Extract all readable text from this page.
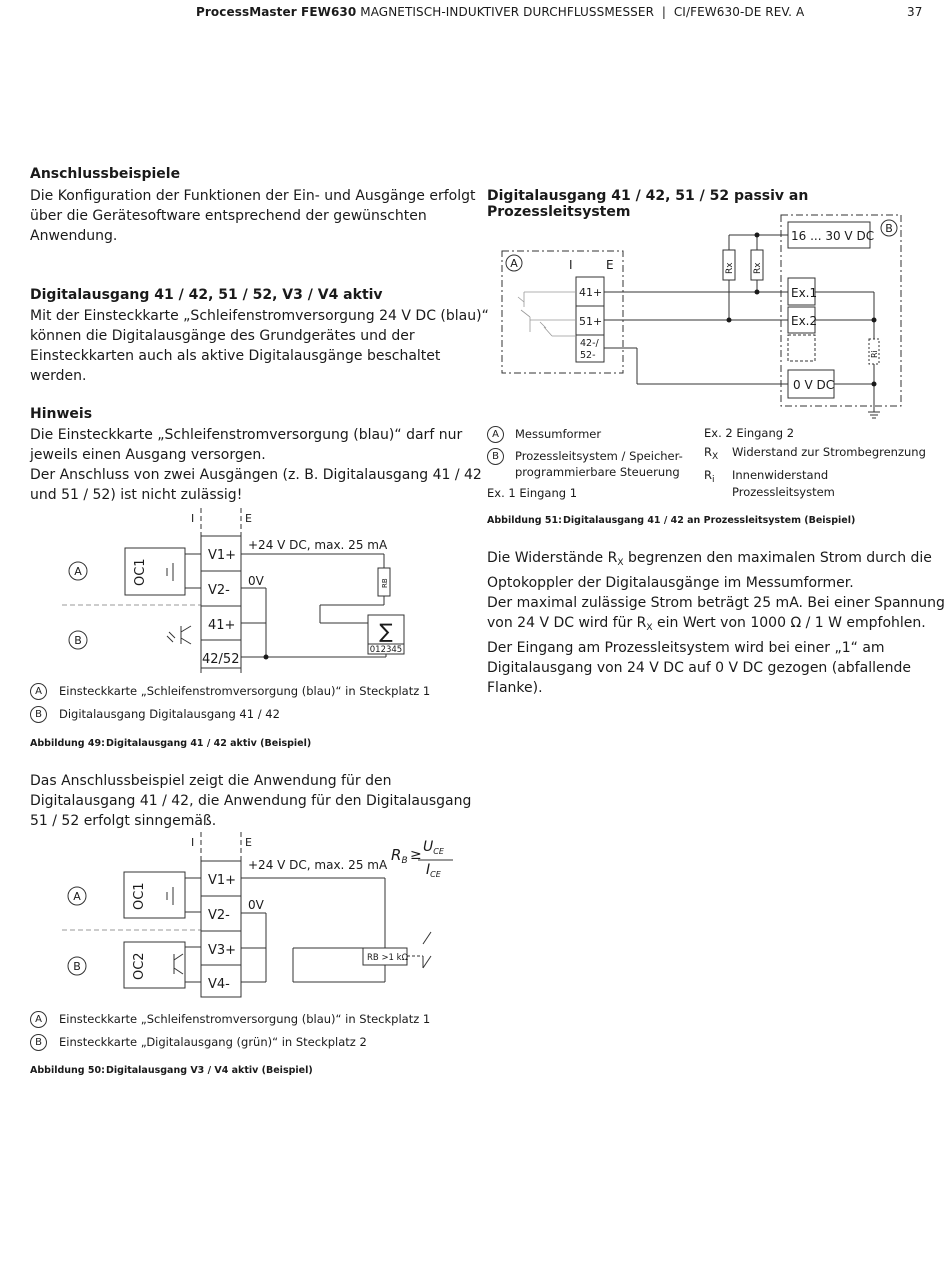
ProcessMaster FEW630 MAGNETISCH-INDUKTIVER DURCHFLUSSMESSER  |  CI/FEW630-DE REV. A	37
Anschlussbeispiele
Die Konfiguration der Funktionen der Ein- und Ausgänge erfolgt
über die Gerätesoftware entsprechend der gewünschten
Anwendung.
Digitalausgang 41 / 42, 51 / 52, V3 / V4 aktiv
Mit der Einsteckkarte „Schleifenstromversorgung 24 V DC (blau)“
können die Digitalausgänge des Grundgerätes und der
Einsteckkarten auch als aktive Digitalausgänge beschaltet
werden.
Hinweis
Die Einsteckkarte „Schleifenstromversorgung (blau)“ darf nur
jeweils einen Ausgang versorgen.
Der Anschluss von zwei Ausgängen (z. B. Digitalausgang 41 / 42
und 51 / 52) ist nicht zulässig!
I	E
A
B
OC1
V1+
V2-
41+
42/52
+24 V DC, max. 25 mA
0V	RB
∑
012345
A Einsteckkarte „Schleifenstromversorgung (blau)“ in Steckplatz 1
B Digitalausgang Digitalausgang 41 / 42
Abbildung 49:Digitalausgang 41 / 42 aktiv (Beispiel)
Das Anschlussbeispiel zeigt die Anwendung für den
Digitalausgang 41 / 42, die Anwendung für den Digitalausgang
51 / 52 erfolgt sinngemäß.
I	E
A
B
OC1
OC2
V1+
V2-
V3+
V4-
+24 V DC, max. 25 mA
0V
$R_B \ge U_{CE}$
$I_{CE}$
RB >1 kΩ
A Einsteckkarte „Schleifenstromversorgung (blau)“ in Steckplatz 1
B Einsteckkarte „Digitalausgang (grün)“ in Steckplatz 2
Abbildung 50:Digitalausgang V3 / V4 aktiv (Beispiel)
Digitalausgang 41 / 42, 51 / 52 passiv an Prozessleitsystem
A
B
I	E
41+
51+
42-/
52-
Rx Rx
16 ... 30 V DC
Ex.1
Ex.2
Ri
0 V DC
A Messumformer
B Prozessleitsystem / Speicher-
programmierbare Steuerung
Ex. 1 Eingang 1
Ex. 2 Eingang 2
$R_X$ Widerstand zur Strombegrenzung
$R_i$ Innenwiderstand
Prozessleitsystem
Abbildung 51:Digitalausgang 41 / 42 an Prozessleitsystem (Beispiel)
Die Widerstände $R_X$ begrenzen den maximalen Strom durch die
Optokoppler der Digitalausgänge im Messumformer.
Der maximal zulässige Strom beträgt 25 mA. Bei einer Spannung
von 24 V DC wird für $R_X$ ein Wert von 1000 Ω / 1 W empfohlen.
Der Eingang am Prozessleitsystem wird bei einer „1“ am
Digitalausgang von 24 V DC auf 0 V DC gezogen (abfallende
Flanke).
